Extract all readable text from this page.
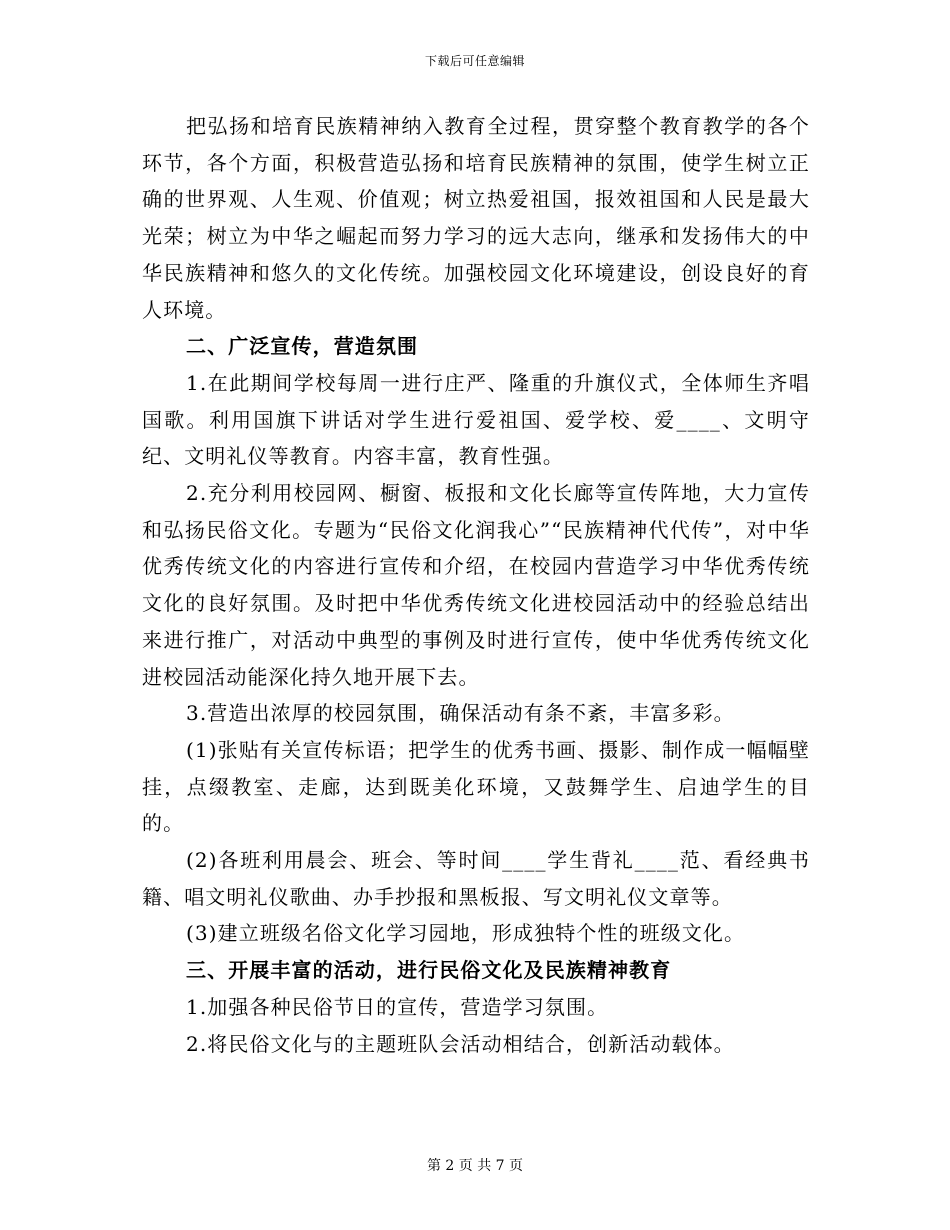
下载后可任意编辑

把弘扬和培育民族精神纳入教育全过程，贯穿整个教育教学的各个环节，各个方面，积极营造弘扬和培育民族精神的氛围，使学生树立正确的世界观、人生观、价值观；树立热爱祖国，报效祖国和人民是最大光荣；树立为中华之崛起而努力学习的远大志向，继承和发扬伟大的中华民族精神和悠久的文化传统。加强校园文化环境建设，创设良好的育人环境。

二、广泛宣传，营造氛围

1.在此期间学校每周一进行庄严、隆重的升旗仪式，全体师生齐唱国歌。利用国旗下讲话对学生进行爱祖国、爱学校、爱____、文明守纪、文明礼仪等教育。内容丰富，教育性强。

2.充分利用校园网、橱窗、板报和文化长廊等宣传阵地，大力宣传和弘扬民俗文化。专题为“民俗文化润我心”“民族精神代代传”，对中华优秀传统文化的内容进行宣传和介绍，在校园内营造学习中华优秀传统文化的良好氛围。及时把中华优秀传统文化进校园活动中的经验总结出来进行推广，对活动中典型的事例及时进行宣传，使中华优秀传统文化进校园活动能深化持久地开展下去。

3.营造出浓厚的校园氛围，确保活动有条不紊，丰富多彩。

(1)张贴有关宣传标语；把学生的优秀书画、摄影、制作成一幅幅壁挂，点缀教室、走廊，达到既美化环境，又鼓舞学生、启迪学生的目的。

(2)各班利用晨会、班会、等时间____学生背礼____范、看经典书籍、唱文明礼仪歌曲、办手抄报和黑板报、写文明礼仪文章等。

(3)建立班级名俗文化学习园地，形成独特个性的班级文化。

三、开展丰富的活动，进行民俗文化及民族精神教育

1.加强各种民俗节日的宣传，营造学习氛围。

2.将民俗文化与的主题班队会活动相结合，创新活动载体。

第 2 页 共 7 页
